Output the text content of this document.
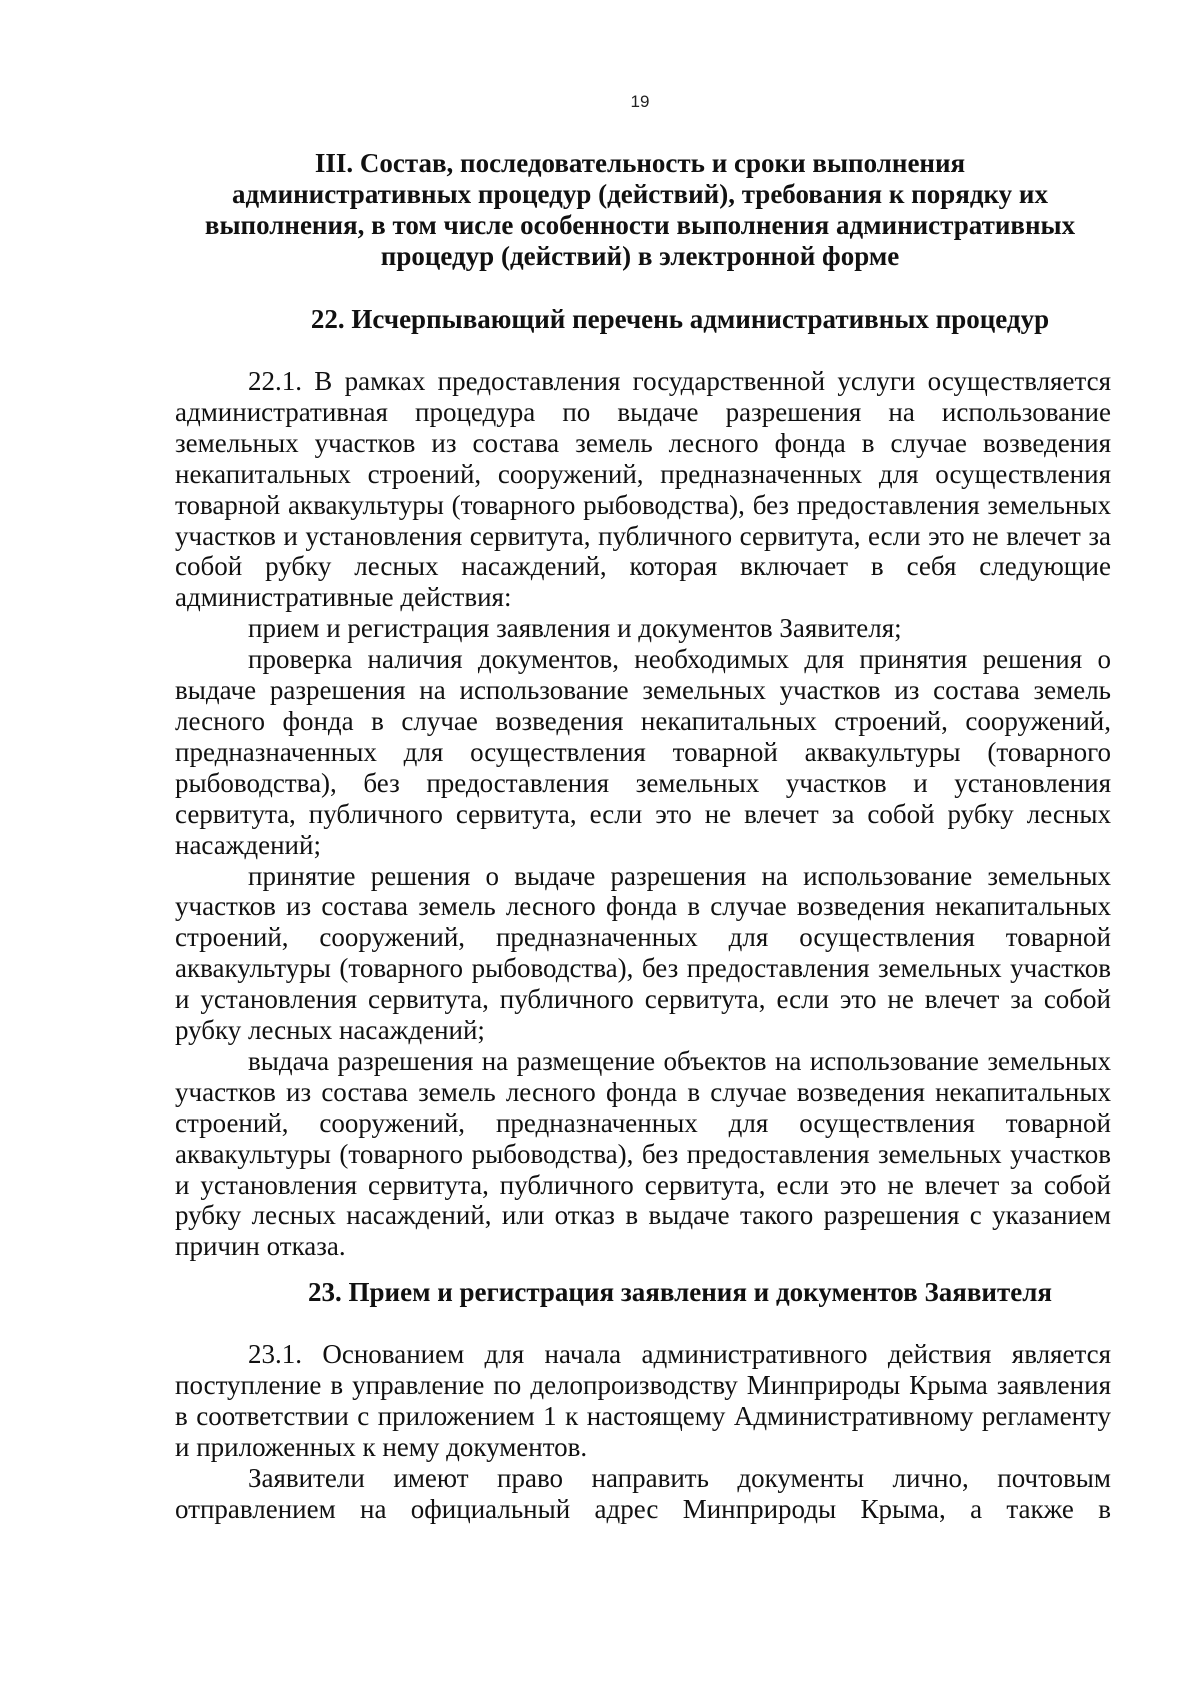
19
III. Состав, последовательность и сроки выполнения
административных процедур (действий), требования к порядку их
выполнения, в том числе особенности выполнения административных
процедур (действий) в электронной форме
22. Исчерпывающий перечень административных процедур

22.1. В рамках предоставления государственной услуги осуществляется административная процедура по выдаче разрешения на использование земельных участков из состава земель лесного фонда в случае возведения некапитальных строений, сооружений, предназначенных для осуществления товарной аквакультуры (товарного рыбоводства), без предоставления земельных участков и установления сервитута, публичного сервитута, если это не влечет за собой рубку лесных насаждений, которая включает в себя следующие административные действия:

прием и регистрация заявления и документов Заявителя;

проверка наличия документов, необходимых для принятия решения о выдаче разрешения на использование земельных участков из состава земель лесного фонда в случае возведения некапитальных строений, сооружений, предназначенных для осуществления товарной аквакультуры (товарного рыбоводства), без предоставления земельных участков и установления сервитута, публичного сервитута, если это не влечет за собой рубку лесных насаждений;

принятие решения о выдаче разрешения на использование земельных участков из состава земель лесного фонда в случае возведения некапитальных строений, сооружений, предназначенных для осуществления товарной аквакультуры (товарного рыбоводства), без предоставления земельных участков и установления сервитута, публичного сервитута, если это не влечет за собой рубку лесных насаждений;

выдача разрешения на размещение объектов на использование земельных участков из состава земель лесного фонда в случае возведения некапитальных строений, сооружений, предназначенных для осуществления товарной аквакультуры (товарного рыбоводства), без предоставления земельных участков и установления сервитута, публичного сервитута, если это не влечет за собой рубку лесных насаждений, или отказ в выдаче такого разрешения с указанием причин отказа.

23. Прием и регистрация заявления и документов Заявителя

23.1. Основанием для начала административного действия является поступление в управление по делопроизводству Минприроды Крыма заявления в соответствии с приложением 1 к настоящему Административному регламенту и приложенных к нему документов.

Заявители имеют право направить документы лично, почтовым отправлением на официальный адрес Минприроды Крыма, а также в
